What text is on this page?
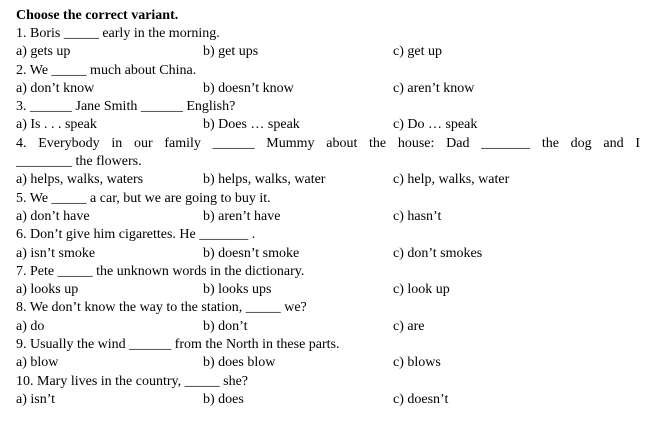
Choose the correct variant.
1. Boris _____ early in the morning.
a) gets up	b) get ups	c) get up
2. We _____ much about China.
a) don’t know	b) doesn’t know	c) aren’t know
3. ______ Jane Smith ______ English?
a) Is . . . speak	b) Does … speak	c) Do … speak
4. Everybody in our family ______ Mummy about the house: Dad _______ the dog and I
________ the flowers.
a) helps, walks, waters	b) helps, walks, water	c) help, walks, water
5. We _____ a car, but we are going to buy it.
a) don’t have	b) aren’t have	c) hasn’t
6. Don’t give him cigarettes. He _______ .
a) isn’t smoke	b) doesn’t smoke	c) don’t smokes
7. Pete _____ the unknown words in the dictionary.
a) looks up	b) looks ups	c) look up
8. We don’t know the way to the station, _____ we?
a) do	b) don’t	c) are
9. Usually the wind ______ from the North in these parts.
a) blow	b) does blow	c) blows
10. Mary lives in the country, _____ she?
a) isn’t	b) does	c) doesn’t
